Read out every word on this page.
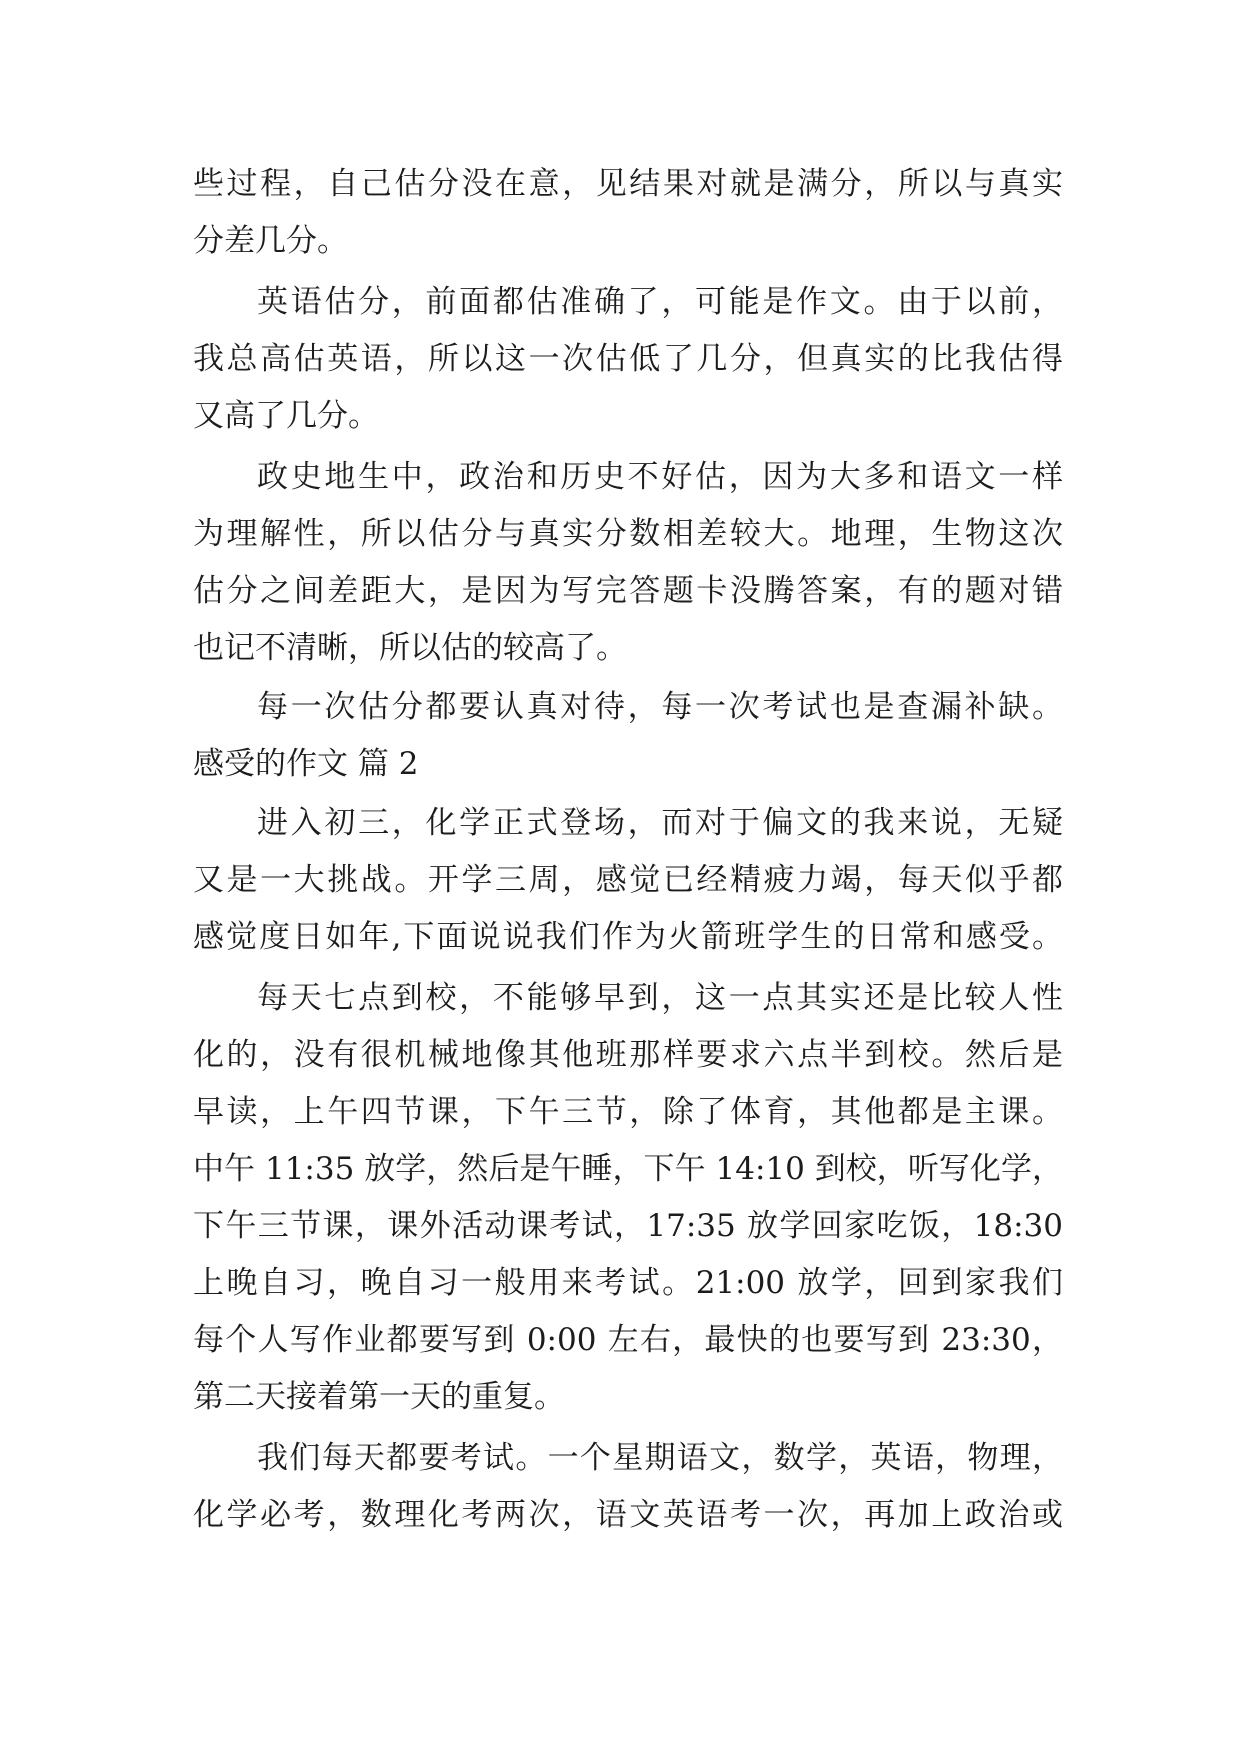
些过程，自己估分没在意，见结果对就是满分，所以与真实
分差几分。
英语估分，前面都估准确了，可能是作文。由于以前，
我总高估英语，所以这一次估低了几分，但真实的比我估得
又高了几分。
政史地生中，政治和历史不好估，因为大多和语文一样
为理解性，所以估分与真实分数相差较大。地理，生物这次
估分之间差距大，是因为写完答题卡没腾答案，有的题对错
也记不清晰，所以估的较高了。
每一次估分都要认真对待，每一次考试也是查漏补缺。
感受的作文 篇 2
进入初三，化学正式登场，而对于偏文的我来说，无疑
又是一大挑战。开学三周，感觉已经精疲力竭，每天似乎都
感觉度日如年,下面说说我们作为火箭班学生的日常和感受。
每天七点到校，不能够早到，这一点其实还是比较人性
化的，没有很机械地像其他班那样要求六点半到校。然后是
早读，上午四节课，下午三节，除了体育，其他都是主课。
中午 11:35 放学，然后是午睡，下午 14:10 到校，听写化学，
下午三节课，课外活动课考试，17:35 放学回家吃饭，18:30
上晚自习，晚自习一般用来考试。21:00 放学，回到家我们
每个人写作业都要写到 0:00 左右，最快的也要写到 23:30，
第二天接着第一天的重复。
我们每天都要考试。一个星期语文，数学，英语，物理，
化学必考，数理化考两次，语文英语考一次，再加上政治或
